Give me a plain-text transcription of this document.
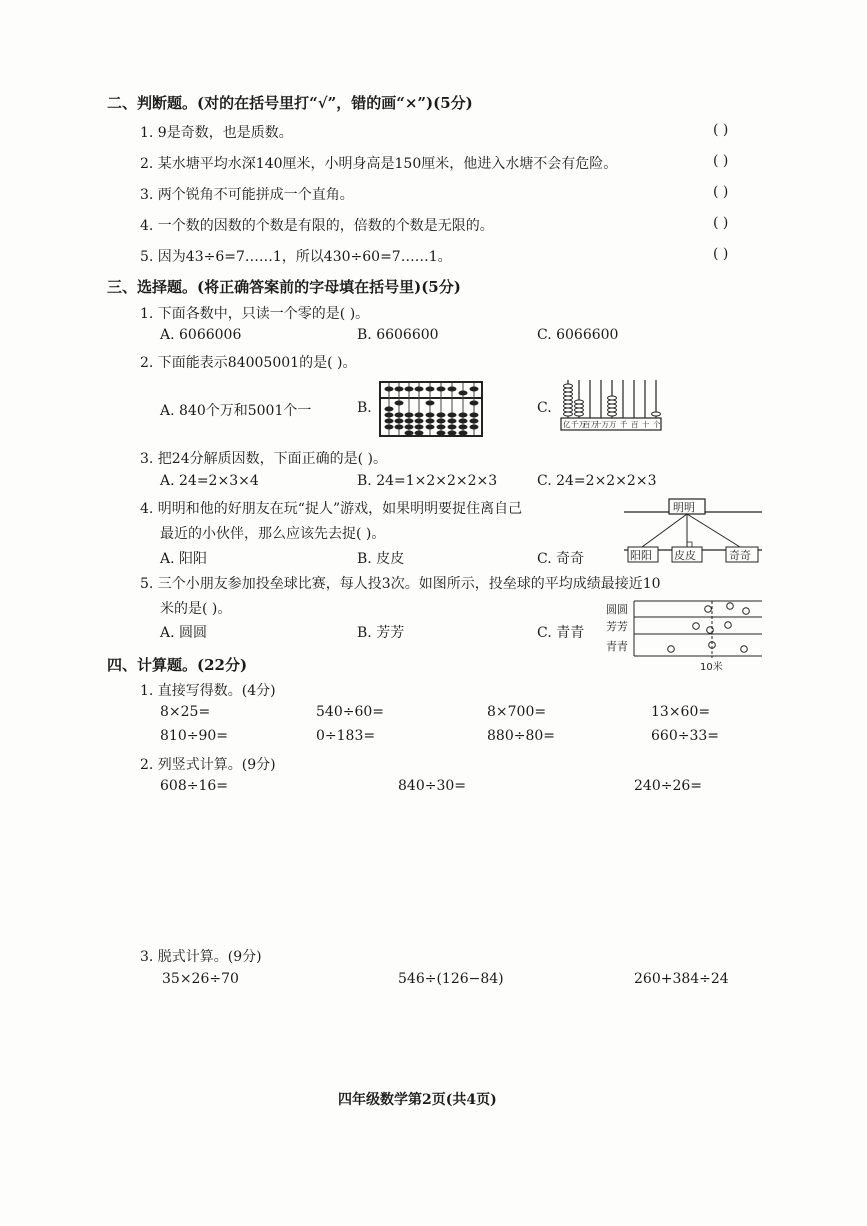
二、判断题。(对的在括号里打“√”，错的画“×”)(5分)
1. 9是奇数，也是质数。	( )
2. 某水塘平均水深140厘米，小明身高是150厘米，他进入水塘不会有危险。	( )
3. 两个锐角不可能拼成一个直角。	( )
4. 一个数的因数的个数是有限的，倍数的个数是无限的。	( )
5. 因为43÷6=7……1，所以430÷60=7……1。	( )
三、选择题。(将正确答案前的字母填在括号里)(5分)
1. 下面各数中，只读一个零的是( )。
A. 6066006	B. 6606600	C. 6066600
2. 下面能表示84005001的是( )。
A. 840个万和5001个一	B.	C.
亿 千万
百万
十万 万 千 百 十 个
3. 把24分解质因数，下面正确的是( )。
A. 24=2×3×4	B. 24=1×2×2×2×3	C. 24=2×2×2×3
4. 明明和他的好朋友在玩“捉人”游戏，如果明明要捉住离自己
最近的小伙伴，那么应该先去捉( )。
A. 阳阳	B. 皮皮	C. 奇奇
明明
阳阳 皮皮	奇奇
5. 三个小朋友参加投垒球比赛，每人投3次。如图所示，投垒球的平均成绩最接近10
米的是( )。
A. 圆圆	B. 芳芳	C. 青青
圆圆
芳芳
青青
10米
四、计算题。(22分)
1. 直接写得数。(4分)
8×25=	540÷60=	8×700=	13×60=
810÷90=	0÷183=	880÷80=	660÷33=
2. 列竖式计算。(9分)
608÷16=	840÷30=	240÷26=
3. 脱式计算。(9分)
35×26÷70	546÷(126−84)	260+384÷24
四年级数学第2页(共4页)
